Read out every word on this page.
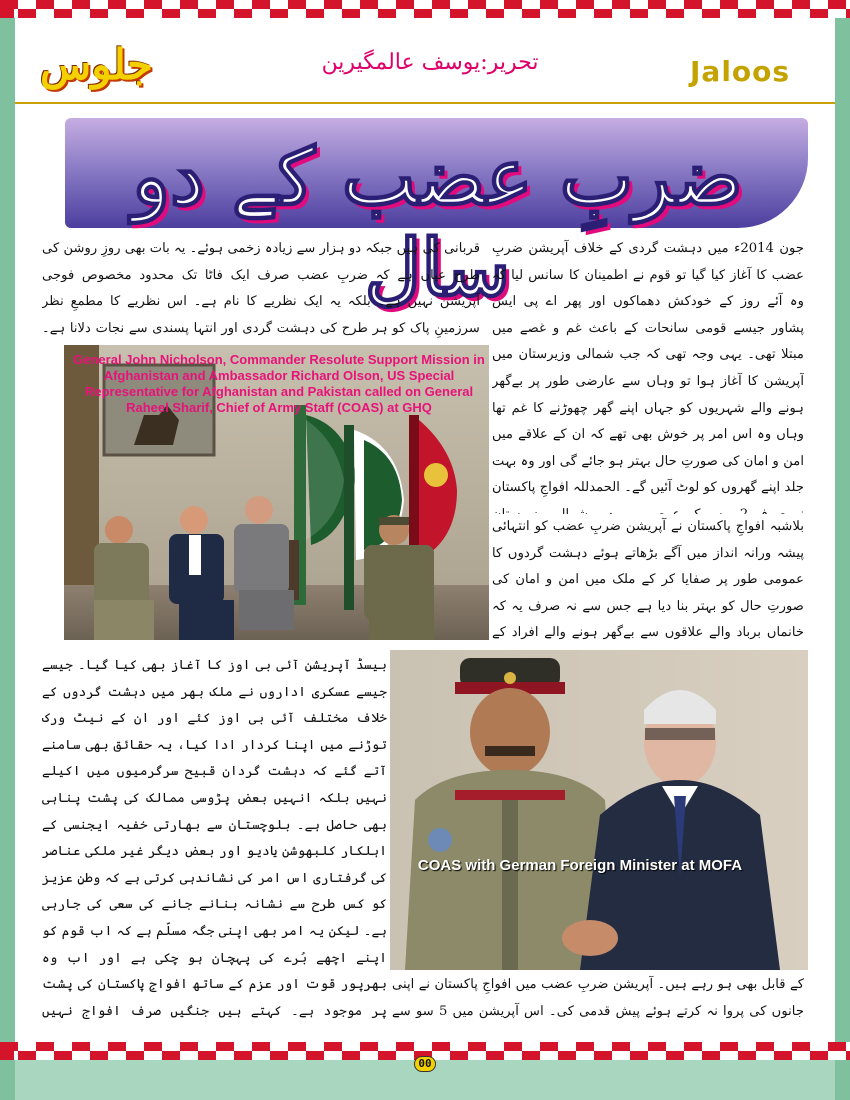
جلوس	تحریر:یوسف عالمگیرین	Jaloos
ضربِ عضب کے دو سال	جون 2014ء میں دہشت گردی کے خلاف آپریشن ضربِ عضب کا آغاز کیا گیا تو قوم نے اطمینان کا سانس لیا کہ وہ آئے روز کے خودکش دھماکوں اور پھر اے پی ایس پشاور جیسے قومی سانحات کے باعث غم و غصے میں مبتلا تھی۔ یہی وجہ تھی کہ جب شمالی وزیرستان میں آپریشن کا آغاز ہوا تو وہاں سے عارضی طور پر بےگھر ہونے والے شہریوں کو جہاں اپنے گھر چھوڑنے کا غم تھا وہاں وہ اس امر پر خوش بھی تھے کہ ان کے علاقے میں امن و امان کی صورتِ حال بہتر ہو جائے گی اور وہ بہت جلد اپنے گھروں کو لوٹ آئیں گے۔ الحمدللہ افواجِ پاکستان
بلاشبہ افواجِ پاکستان نے آپریشن ضربِ عضب کو انتہائی پیشہ ورانہ انداز میں آگے بڑھاتے ہوئے دہشت گردوں کا عمومی طور پر صفایا کر کے ملک میں امن و امان کی صورتِ حال کو بہتر بنا دیا ہے جس سے نہ صرف یہ کہ خانماں برباد والے علاقوں سے بےگھر ہونے والے افراد کے
قربانی کی ہیں جبکہ دو ہزار سے زیادہ زخمی ہوئے۔ یہ بات بھی روزِ روشن کی طرح عیاں ہے کہ ضربِ عضب صرف ایک فاٹا تک محدود مخصوص فوجی آپریشن نہیں ہے۔ بلکہ یہ ایک نظریے کا نام ہے۔ اس نظریے کا مطمعِ نظر سرزمینِ پاک کو ہر طرح کی دہشت گردی اور انتہا پسندی سے نجات دلانا ہے۔
General John Nicholson, Commander Resolute Support Mission in Afghanistan and Ambassador Richard Olson, US Special Representative for Afghanistan and Pakistan called on General Raheel Sharif, Chief of Army Staff (COAS) at GHQ
بیسڈ آپریشن آئی بی اوز کا آغاز بھی کیا گیا۔ جیسے جیسے عسکری اداروں نے ملک بھر میں دہشت گردوں کے خلاف مختلف آئی بی اوز کئے اور ان کے نیٹ ورک توڑنے میں اپنا کردار ادا کیا، یہ حقائق بھی سامنے آتے گئے کہ دہشت گردان قبیح سرگرمیوں میں اکیلے نہیں بلکہ انہیں بعض پڑوسی ممالک کی پشت پناہی بھی حاصل ہے۔ بلوچستان سے بھارتی خفیہ ایجنسی کے اہلکار کلبھوشن یادیو اور بعض دیگر غیر ملکی عناصر کی گرفتاری اس امر کی نشاندہی کرتی ہے کہ وطنِ عزیز کو کس طرح سے نشانہ بنانے جانے کی سعی کی جارہی ہے۔ لیکن یہ امر بھی اپنی جگہ مسلّم ہے کہ اب قوم کو اپنے اچھے بُرے کی پہچان ہو چکی ہے اور اب وہ بھرپور قوت اور عزم کے ساتھ افواجِ پاکستان کی پشت پر موجود ہے۔ کہتے ہیں جنگیں صرف افواج نہیں
COAS with German Foreign Minister at MOFA
کے قابل بھی ہو رہے ہیں۔ آپریشن ضربِ عضب میں افواجِ پاکستان نے اپنی جانوں کی پروا نہ کرتے ہوئے پیش قدمی کی۔ اس آپریشن میں 5 سو سے
00
